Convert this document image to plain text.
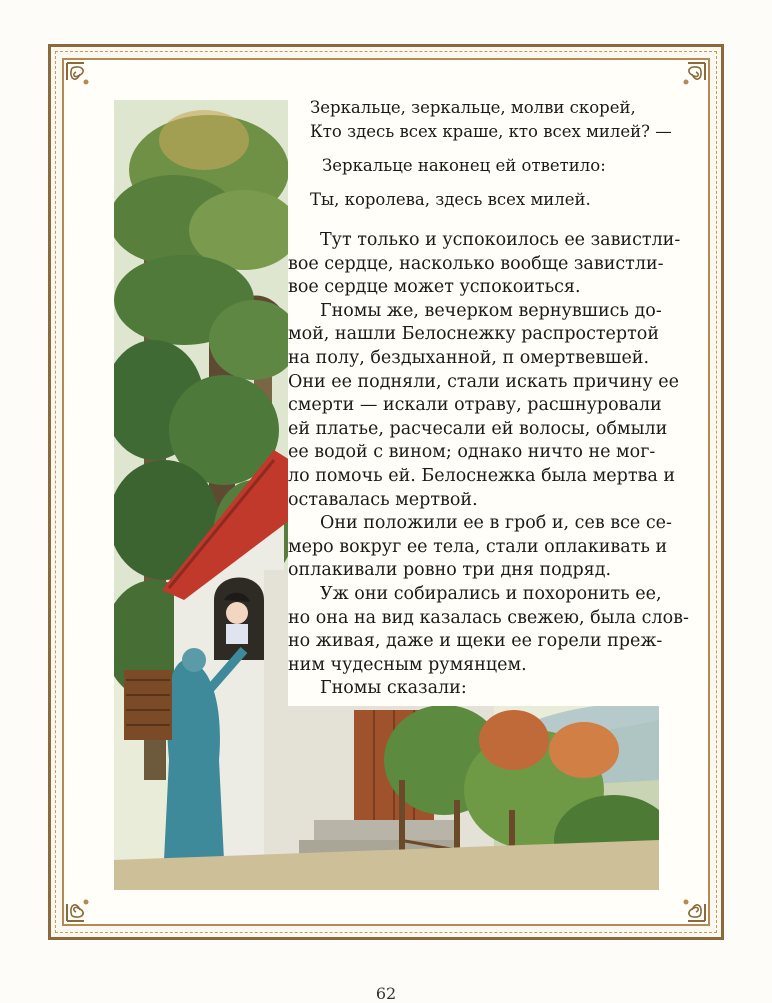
Зеркальце, зеркальце, молви скорей,

Кто здесь всех краше, кто всех милей? —

Зеркальце наконец ей ответило:

Ты, королева, здесь всех милей.

Тут только и успокоилось ее завистли-
вое сердце, насколько вообще завистли-
вое сердце может успокоиться.
Гномы же, вечерком вернувшись до-
мой, нашли Белоснежку распростертой
на полу, бездыханной, п омертвевшей.
Они ее подняли, стали искать причину ее
смерти — искали отраву, расшнуровали
ей платье, расчесали ей волосы, обмыли
ее водой с вином; однако ничто не мог-
ло помочь ей. Белоснежка была мертва и
оставалась мертвой.
Они положили ее в гроб и, сев все се-
меро вокруг ее тела, стали оплакивать и
оплакивали ровно три дня подряд.
Уж они собирались и похоронить ее,
но она на вид казалась свежею, была слов-
но живая, даже и щеки ее горели преж-
ним чудесным румянцем.
Гномы сказали:

62
